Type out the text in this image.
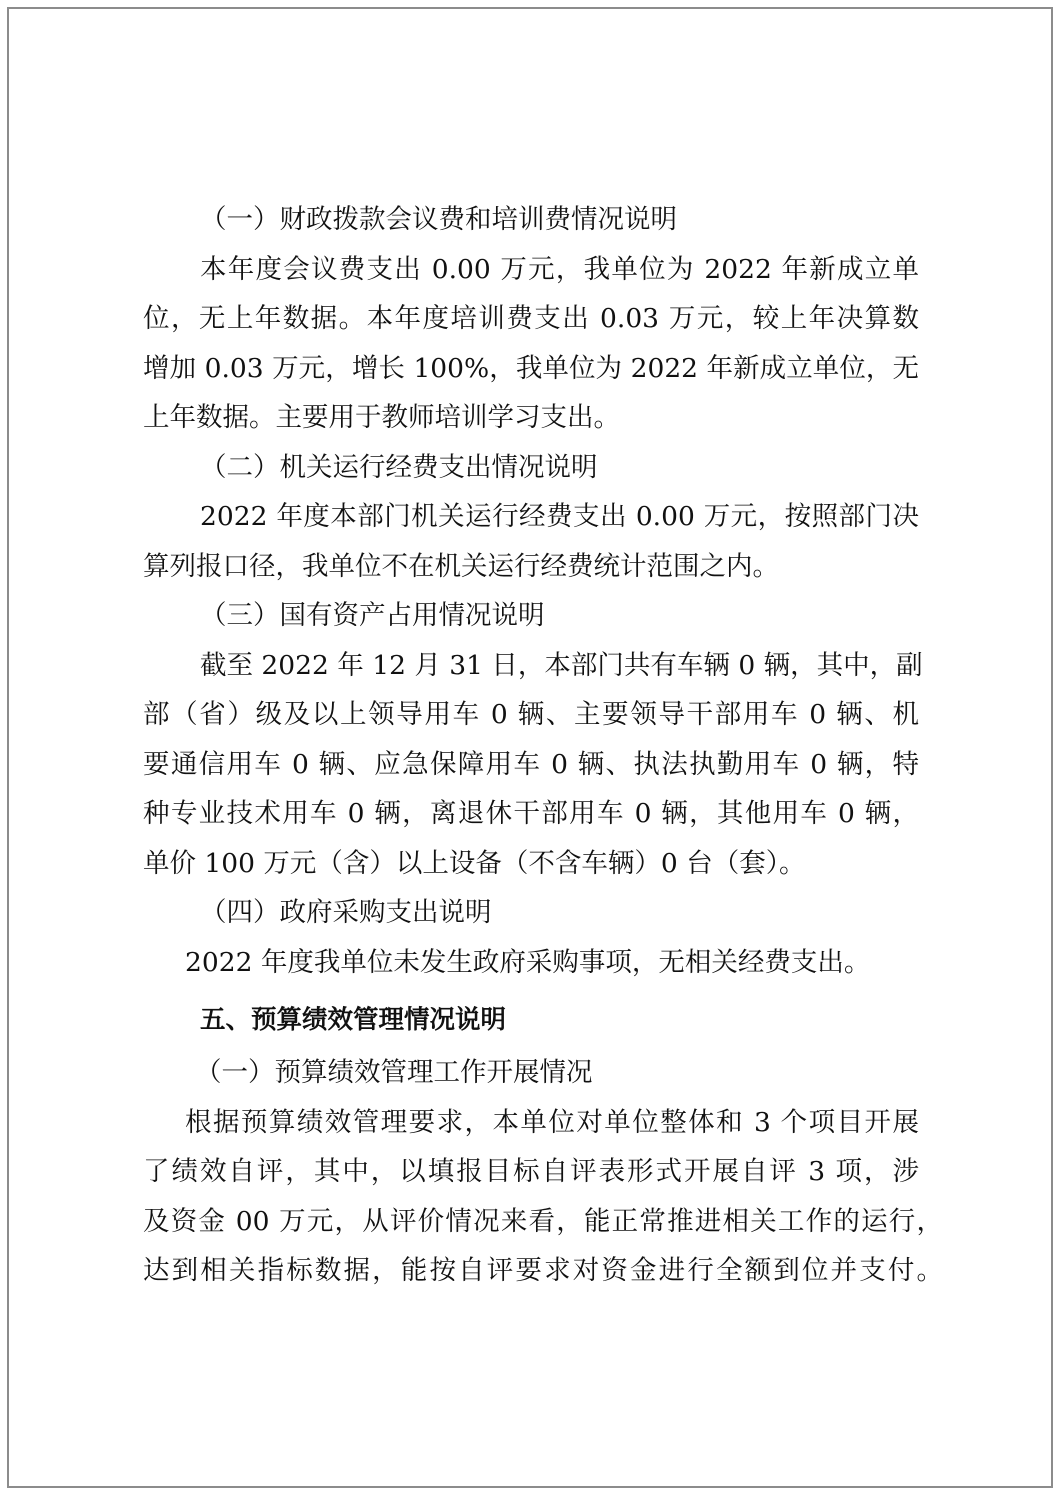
（一）财政拨款会议费和培训费情况说明
本年度会议费支出 0.00 万元，我单位为 2022 年新成立单
位，无上年数据。本年度培训费支出 0.03 万元，较上年决算数
增加 0.03 万元，增长 100%，我单位为 2022 年新成立单位，无
上年数据。主要用于教师培训学习支出。
（二）机关运行经费支出情况说明
2022 年度本部门机关运行经费支出 0.00 万元，按照部门决
算列报口径，我单位不在机关运行经费统计范围之内。
（三）国有资产占用情况说明
截至 2022 年 12 月 31 日，本部门共有车辆 0 辆，其中，副
部（省）级及以上领导用车 0 辆、主要领导干部用车 0 辆、机
要通信用车 0 辆、应急保障用车 0 辆、执法执勤用车 0 辆，特
种专业技术用车 0 辆，离退休干部用车 0 辆，其他用车 0 辆，
单价 100 万元（含）以上设备（不含车辆）0 台（套）。
（四）政府采购支出说明
2022 年度我单位未发生政府采购事项，无相关经费支出。
五、预算绩效管理情况说明
（一）预算绩效管理工作开展情况
根据预算绩效管理要求，本单位对单位整体和 3 个项目开展
了绩效自评，其中，以填报目标自评表形式开展自评 3 项，涉
及资金 00 万元，从评价情况来看，能正常推进相关工作的运行，
达到相关指标数据，能按自评要求对资金进行全额到位并支付。
